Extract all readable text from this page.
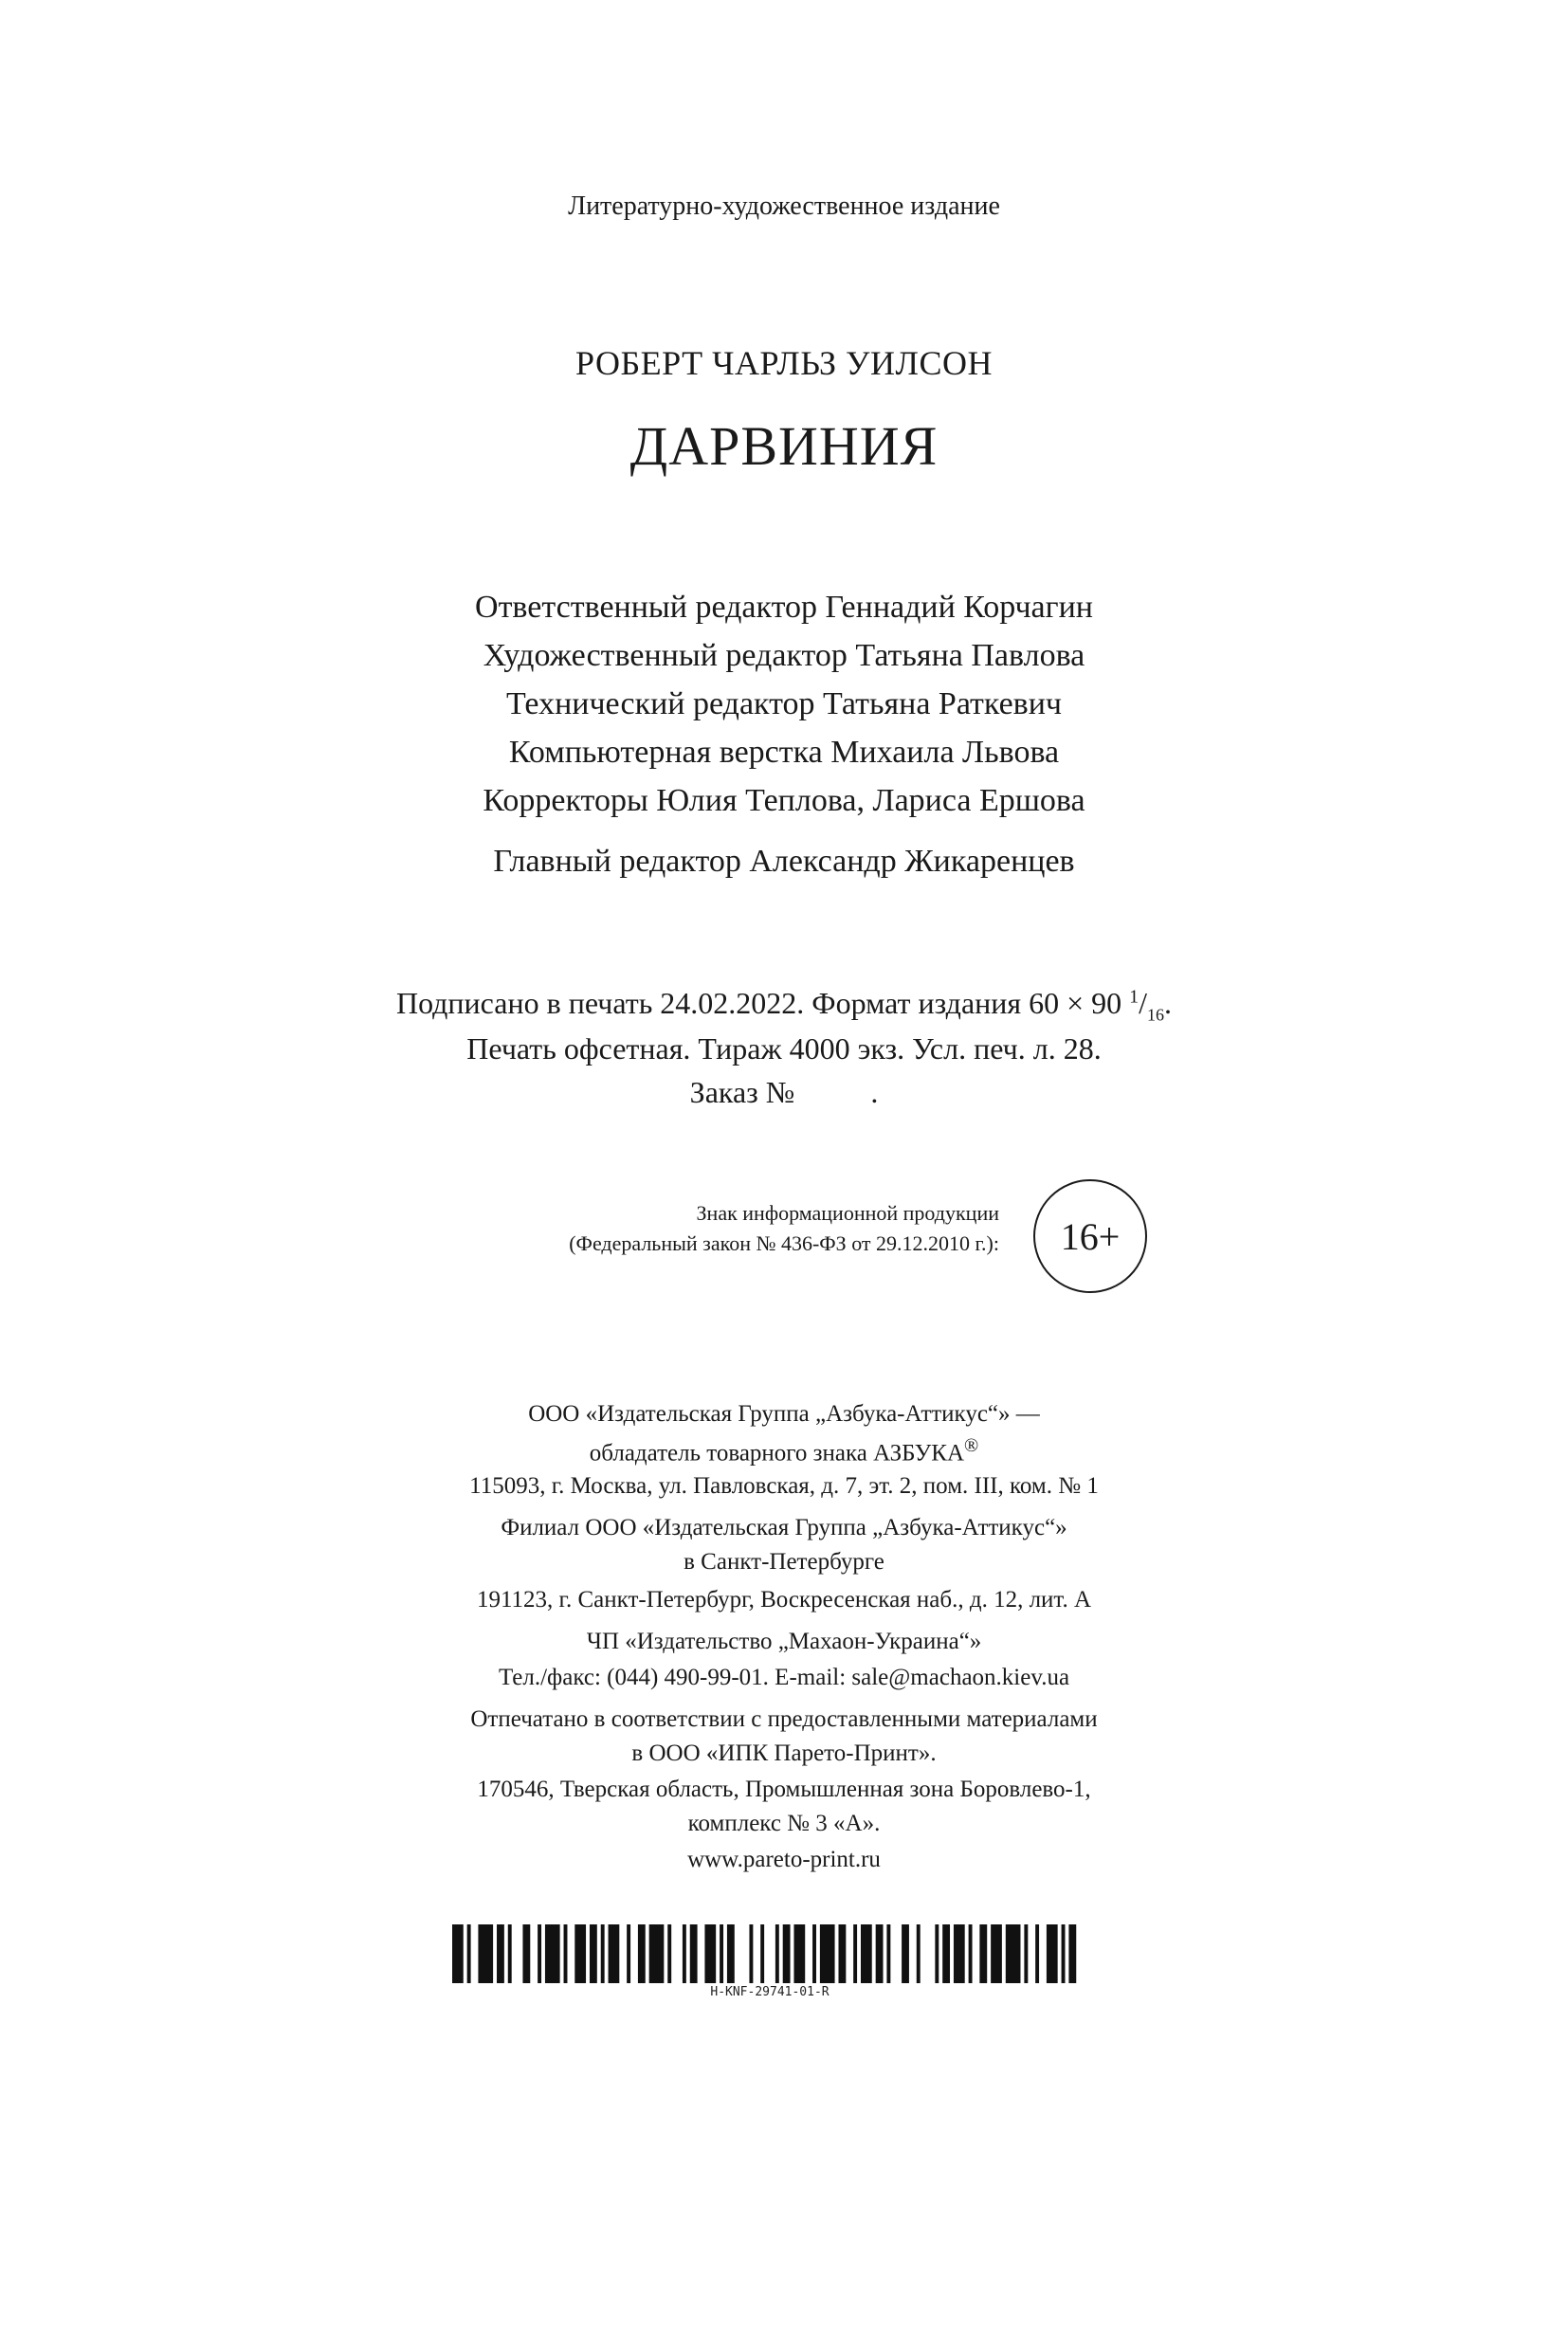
Литературно-художественное издание
РОБЕРТ ЧАРЛЬЗ УИЛСОН
ДАРВИНИЯ
Ответственный редактор Геннадий Корчагин
Художественный редактор Татьяна Павлова
Технический редактор Татьяна Раткевич
Компьютерная верстка Михаила Львова
Корректоры Юлия Теплова, Лариса Ершова
Главный редактор Александр Жикаренцев
Подписано в печать 24.02.2022. Формат издания 60 × 90 $^1/_{16}$.
Печать офсетная. Тираж 4000 экз. Усл. печ. л. 28.
Заказ №          .
Знак информационной продукции
(Федеральный закон № 436-ФЗ от 29.12.2010 г.):	16+
ООО «Издательская Группа „Азбука-Аттикус“» —
обладатель товарного знака АЗБУКА®
115093, г. Москва, ул. Павловская, д. 7, эт. 2, пом. III, ком. № 1
Филиал ООО «Издательская Группа „Азбука-Аттикус“»
в Санкт-Петербурге
191123, г. Санкт-Петербург, Воскресенская наб., д. 12, лит. А
ЧП «Издательство „Махаон-Украина“»
Тел./факс: (044) 490-99-01. E-mail: sale@machaon.kiev.ua
Отпечатано в соответствии с предоставленными материалами
в ООО «ИПК Парето-Принт».
170546, Тверская область, Промышленная зона Боровлево-1,
комплекс № 3 «А».
www.pareto-print.ru
H-KNF-29741-01-R
